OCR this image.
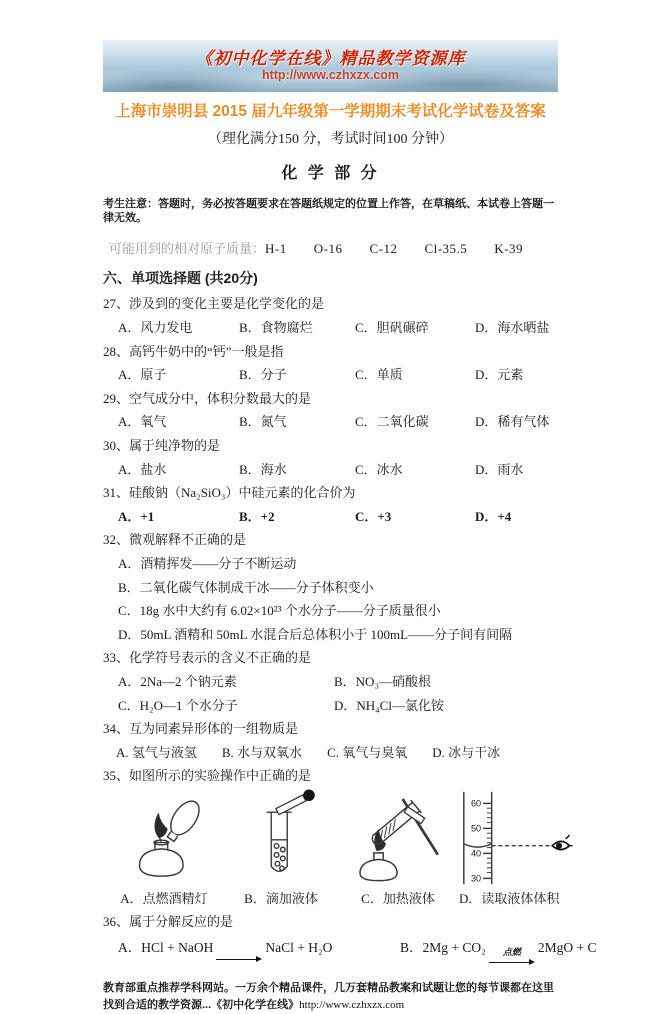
《初中化学在线》精品教学资源库
http://www.czhxzx.com
上海市崇明县 2015 届九年级第一学期期末考试化学试卷及答案
（理化满分150 分，考试时间100 分钟）
化 学 部 分
考生注意：答题时，务必按答题要求在答题纸规定的位置上作答，在草稿纸、本试卷上答题一律无效。
可能用到的相对原子质量：H-1　　O-16　　C-12　　Cl-35.5　　K-39
六、单项选择题 (共20分)
27、涉及到的变化主要是化学变化的是
A．风力发电	B．食物腐烂	C．胆矾碾碎	D．海水晒盐
28、高钙牛奶中的“钙”一般是指
A．原子	B．分子	C．单质	D．元素
29、空气成分中，体积分数最大的是
A．氧气	B．氮气	C．二氧化碳	D．稀有气体
30、属于纯净物的是
A．盐水	B．海水	C．冰水	D．雨水
31、硅酸钠（Na₂SiO₃）中硅元素的化合价为
A．+1	B．+2	C．+3	D．+4
32、微观解释不正确的是
A．酒精挥发——分子不断运动
B．二氧化碳气体制成干冰——分子体积变小
C．18g 水中大约有 6.02×10²³ 个水分子——分子质量很小
D．50mL 酒精和 50mL 水混合后总体积小于 100mL——分子间有间隔
33、化学符号表示的含义不正确的是
A．2Na—2 个钠元素	B．NO₃—硝酸根
C．H₂O—1 个水分子	D．NH₄Cl—氯化铵
34、互为同素异形体的一组物质是
A. 氢气与液氢 B. 水与双氧水 C. 氧气与臭氧 D. 冰与干冰
35、如图所示的实验操作中正确的是
A．点燃酒精灯	B．滴加液体	C．加热液体
60
50
40
30
D．读取液体体积
36、属于分解反应的是
A．HCl + NaOH	NaCl + H₂O	B．2Mg + CO₂ 点燃 2MgO + C
教育部重点推荐学科网站。一万余个精品课件，几万套精品教案和试题让您的每节课都在这里找到合适的教学资源...《初中化学在线》http://www.czhxzx.com
